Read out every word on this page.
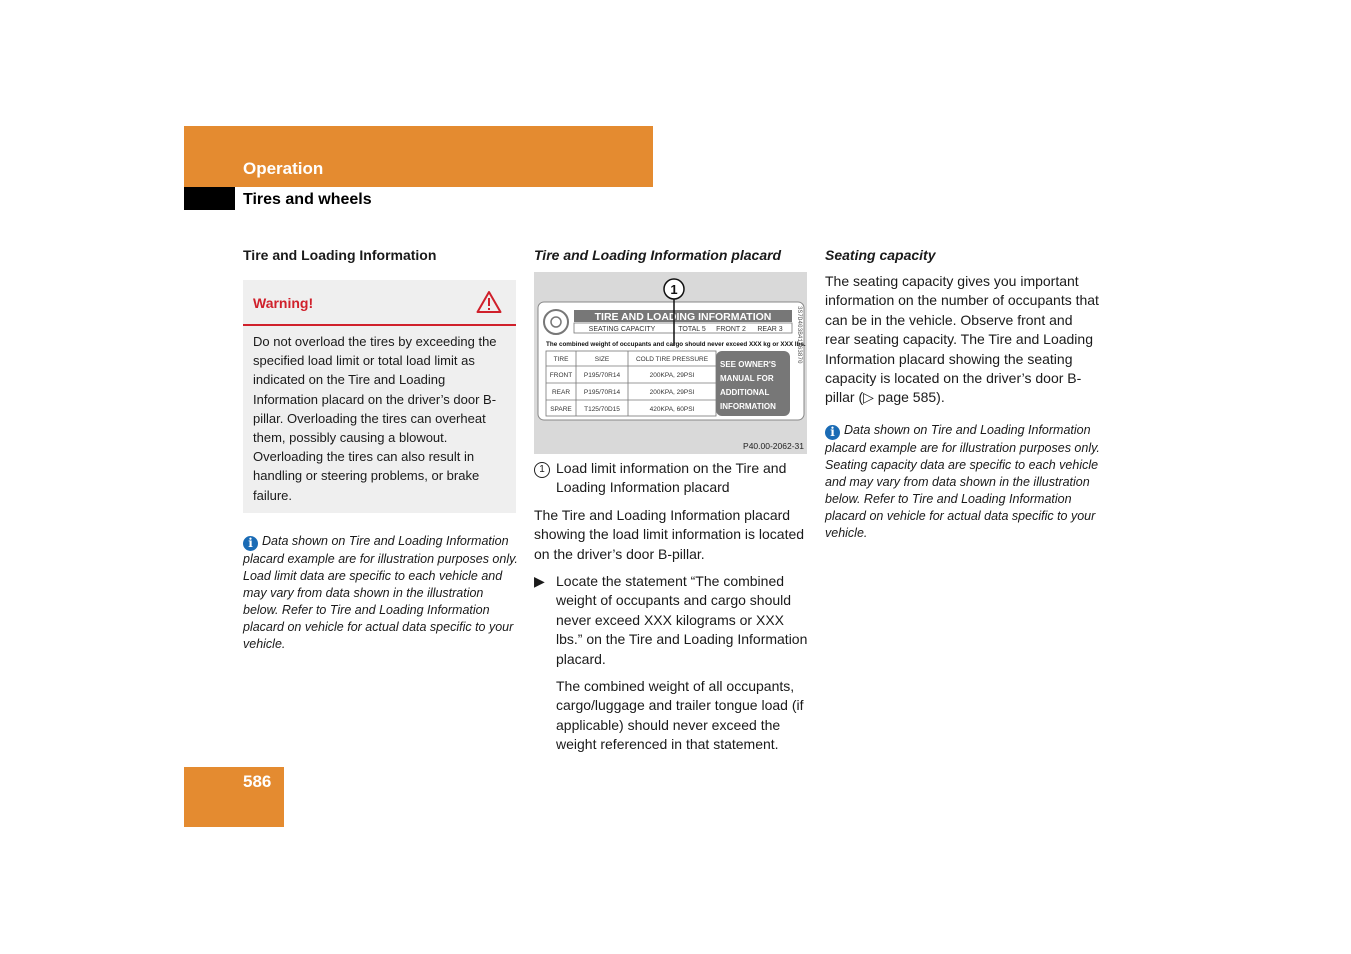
Operation
Tires and wheels
Tire and Loading Information
Warning!
Do not overload the tires by exceeding the specified load limit or total load limit as indicated on the Tire and Loading Information placard on the driver’s door B-pillar. Overloading the tires can overheat them, possibly causing a blowout. Overloading the tires can also result in handling or steering problems, or brake failure.
i Data shown on Tire and Loading Information placard example are for illustration purposes only. Load limit data are specific to each vehicle and may vary from data shown in the illustration below. Refer to Tire and Loading Information placard on vehicle for actual data specific to your vehicle.
Tire and Loading Information placard
TIRE AND LOADING INFORMATION
SEATING CAPACITY	TOTAL 5 FRONT 2 REAR 3
The combined weight of occupants and cargo should never exceed XXX kg or XXX lbs.
TIRE	SIZE	COLD TIRE PRESSURE
FRONT P195/70R14	200KPA, 29PSI
REAR P195/70R14	200KPA, 29PSI
SPARE T125/70D15	420KPA, 60PSI
SEE OWNER'S
MANUAL FOR
ADDITIONAL
INFORMATION
3S7D403B41363870
1
P40.00-2062-31
1 Load limit information on the Tire and Loading Information placard

The Tire and Loading Information placard showing the load limit information is located on the driver’s door B-pillar.

▶ Locate the statement “The combined weight of occupants and cargo should never exceed XXX kilograms or XXX lbs.” on the Tire and Loading Information placard.
The combined weight of all occupants, cargo/luggage and trailer tongue load (if applicable) should never exceed the weight referenced in that statement.
Seating capacity

The seating capacity gives you important information on the number of occupants that can be in the vehicle. Observe front and rear seating capacity. The Tire and Loading Information placard showing the seating capacity is located on the driver’s door B-pillar (▷ page 585).

i Data shown on Tire and Loading Information placard example are for illustration purposes only. Seating capacity data are specific to each vehicle and may vary from data shown in the illustration below. Refer to Tire and Loading Information placard on vehicle for actual data specific to your vehicle.
586
